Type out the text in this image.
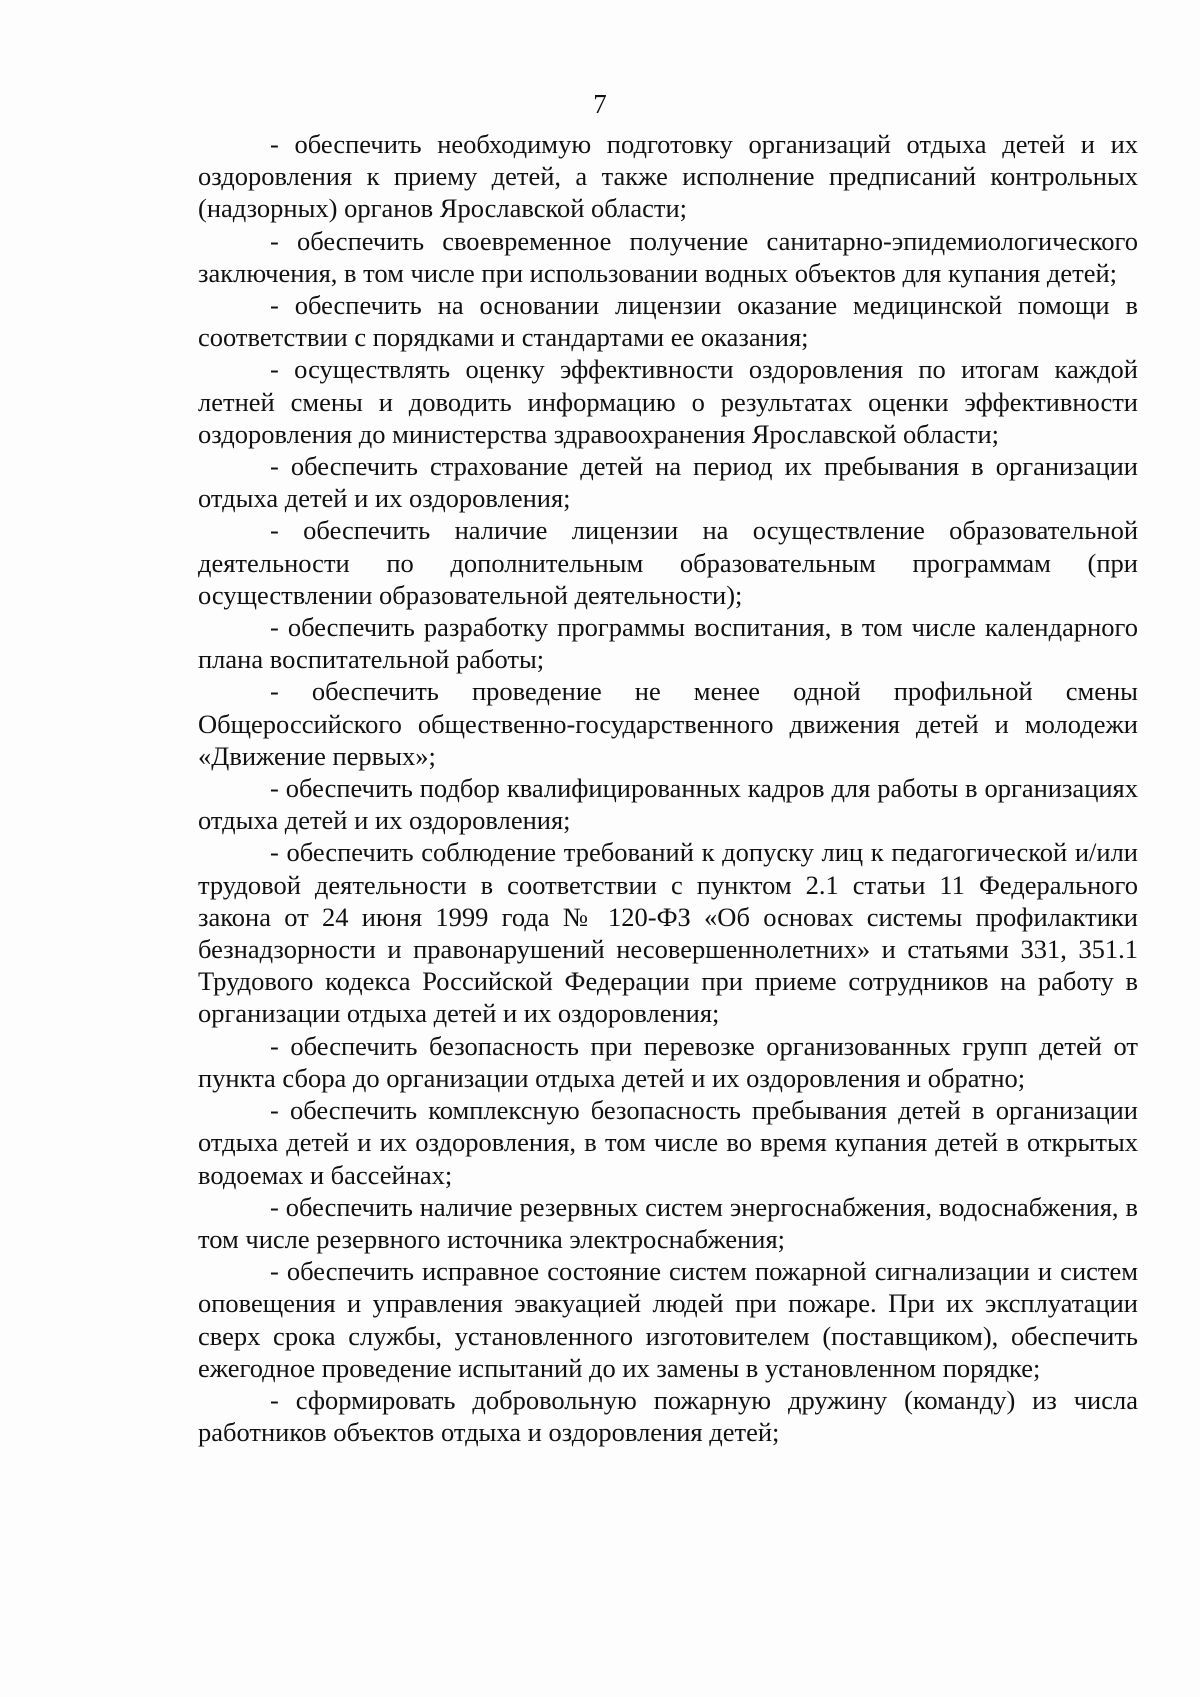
7

- обеспечить необходимую подготовку организаций отдыха детей и их оздоровления к приему детей, а также исполнение предписаний контрольных (надзорных) органов Ярославской области;

- обеспечить своевременное получение санитарно-эпидемиологического заключения, в том числе при использовании водных объектов для купания детей;

- обеспечить на основании лицензии оказание медицинской помощи в соответствии с порядками и стандартами ее оказания;

- осуществлять оценку эффективности оздоровления по итогам каждой летней смены и доводить информацию о результатах оценки эффективности оздоровления до министерства здравоохранения Ярославской области;

- обеспечить страхование детей на период их пребывания в организации отдыха детей и их оздоровления;

- обеспечить наличие лицензии на осуществление образовательной деятельности по дополнительным образовательным программам (при осуществлении образовательной деятельности);

- обеспечить разработку программы воспитания, в том числе календарного плана воспитательной работы;

- обеспечить проведение не менее одной профильной смены Общероссийского общественно-государственного движения детей и молодежи «Движение первых»;

- обеспечить подбор квалифицированных кадров для работы в организациях отдыха детей и их оздоровления;

- обеспечить соблюдение требований к допуску лиц к педагогической и/или трудовой деятельности в соответствии с пунктом 2.1 статьи 11 Федерального закона от 24 июня 1999 года № 120-ФЗ «Об основах системы профилактики безнадзорности и правонарушений несовершеннолетних» и статьями 331, 351.1 Трудового кодекса Российской Федерации при приеме сотрудников на работу в организации отдыха детей и их оздоровления;

- обеспечить безопасность при перевозке организованных групп детей от пункта сбора до организации отдыха детей и их оздоровления и обратно;

- обеспечить комплексную безопасность пребывания детей в организации отдыха детей и их оздоровления, в том числе во время купания детей в открытых водоемах и бассейнах;

- обеспечить наличие резервных систем энергоснабжения, водоснабжения, в том числе резервного источника электроснабжения;

- обеспечить исправное состояние систем пожарной сигнализации и систем оповещения и управления эвакуацией людей при пожаре. При их эксплуатации сверх срока службы, установленного изготовителем (поставщиком), обеспечить ежегодное проведение испытаний до их замены в установленном порядке;

- сформировать добровольную пожарную дружину (команду) из числа работников объектов отдыха и оздоровления детей;
